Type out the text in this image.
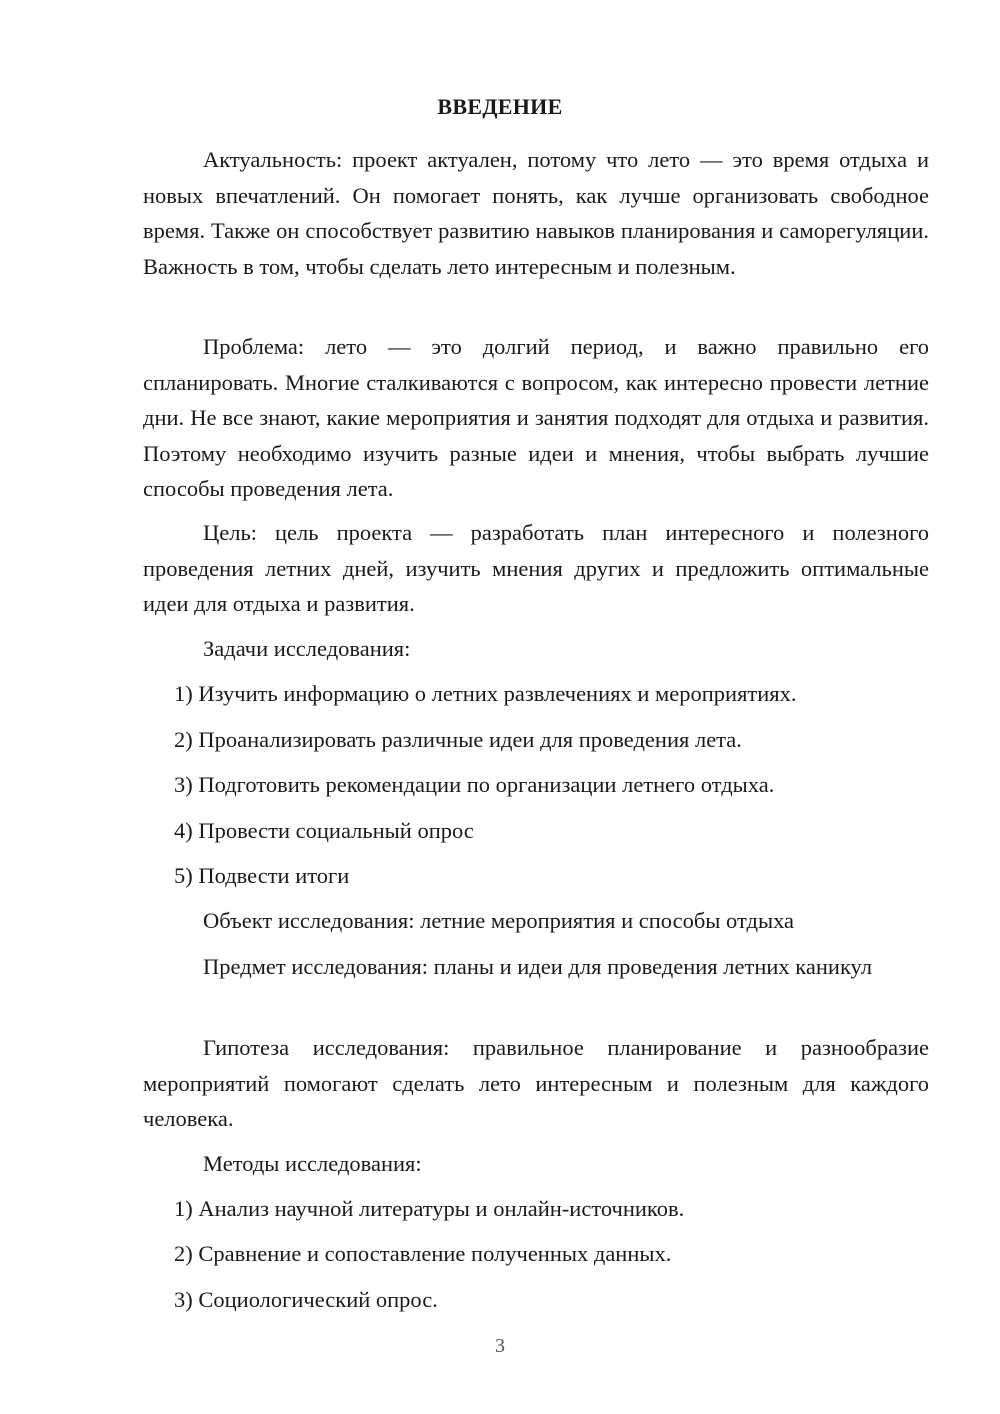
ВВЕДЕНИЕ
Актуальность: проект актуален, потому что лето — это время отдыха и новых впечатлений. Он помогает понять, как лучше организовать свободное время. Также он способствует развитию навыков планирования и саморегуляции. Важность в том, чтобы сделать лето интересным и полезным.
Проблема: лето — это долгий период, и важно правильно его спланировать. Многие сталкиваются с вопросом, как интересно провести летние дни. Не все знают, какие мероприятия и занятия подходят для отдыха и развития. Поэтому необходимо изучить разные идеи и мнения, чтобы выбрать лучшие способы проведения лета.
Цель: цель проекта — разработать план интересного и полезного проведения летних дней, изучить мнения других и предложить оптимальные идеи для отдыха и развития.
Задачи исследования:
1) Изучить информацию о летних развлечениях и мероприятиях.
2) Проанализировать различные идеи для проведения лета.
3) Подготовить рекомендации по организации летнего отдыха.
4) Провести социальный опрос
5) Подвести итоги
Объект исследования: летние мероприятия и способы отдыха
Предмет исследования: планы и идеи для проведения летних каникул
Гипотеза исследования: правильное планирование и разнообразие мероприятий помогают сделать лето интересным и полезным для каждого человека.
Методы исследования:
1) Анализ научной литературы и онлайн-источников.
2) Сравнение и сопоставление полученных данных.
3) Социологический опрос.
3
